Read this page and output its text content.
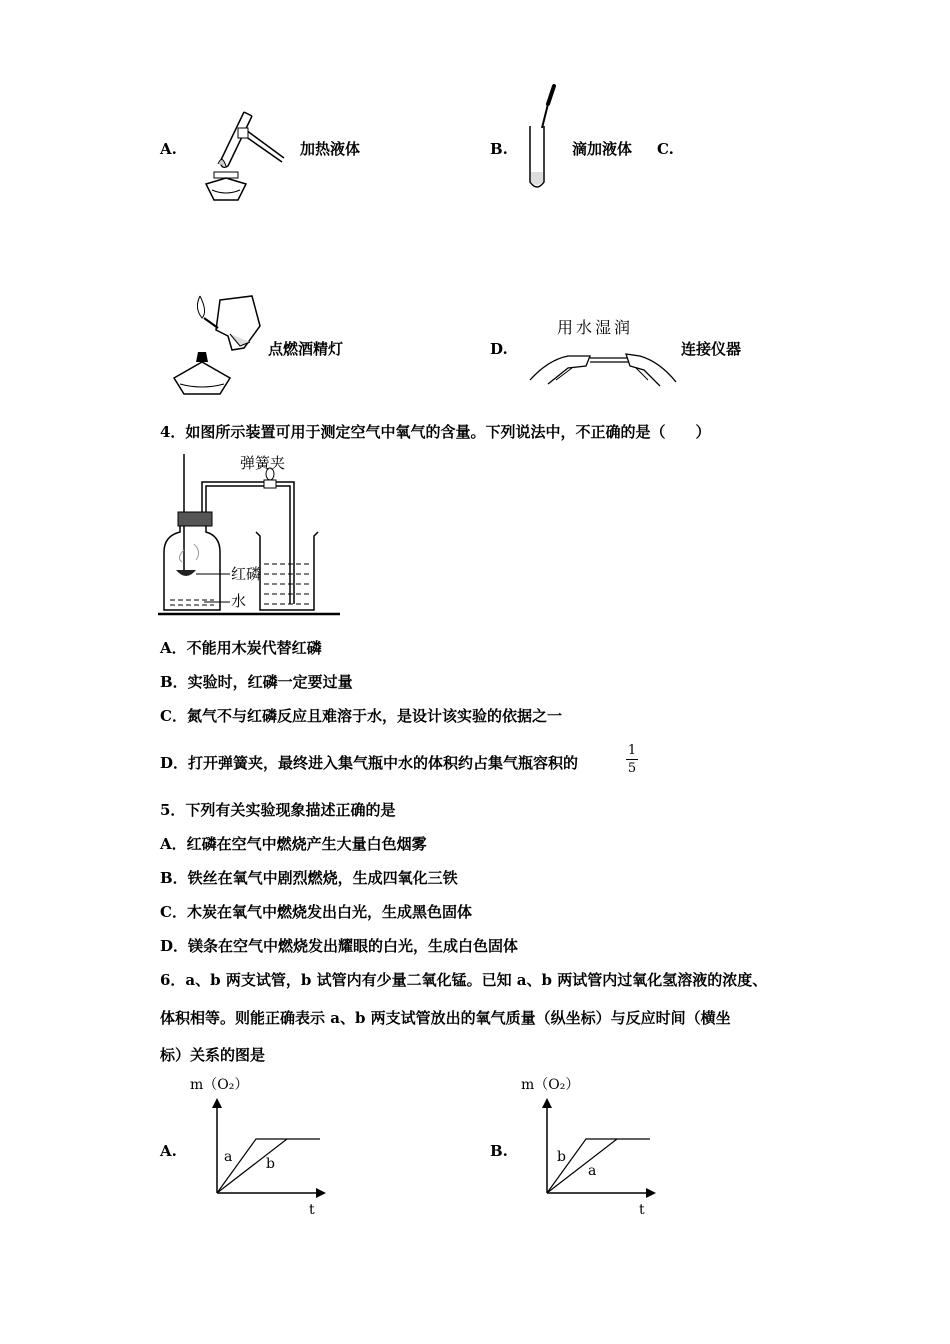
A.	加热液体	B.	滴加液体 C.
点燃酒精灯	D.
用水湿润
连接仪器
4．如图所示装置可用于测定空气中氧气的含量。下列说法中，不正确的是（　　）
弹簧夹
红磷
水
A．不能用木炭代替红磷
B．实验时，红磷一定要过量
C．氮气不与红磷反应且难溶于水，是设计该实验的依据之一
D．打开弹簧夹，最终进入集气瓶中水的体积约占集气瓶容积的
1
5
5．下列有关实验现象描述正确的是
A．红磷在空气中燃烧产生大量白色烟雾
B．铁丝在氧气中剧烈燃烧，生成四氧化三铁
C．木炭在氧气中燃烧发出白光，生成黑色固体
D．镁条在空气中燃烧发出耀眼的白光，生成白色固体
6．a、b 两支试管，b 试管内有少量二氧化锰。已知 a、b 两试管内过氧化氢溶液的浓度、
体积相等。则能正确表示 a、b 两支试管放出的氧气质量（纵坐标）与反应时间（横坐
标）关系的图是
A.
m（O₂）
a b
t
B.
m（O₂）
b
a
t
